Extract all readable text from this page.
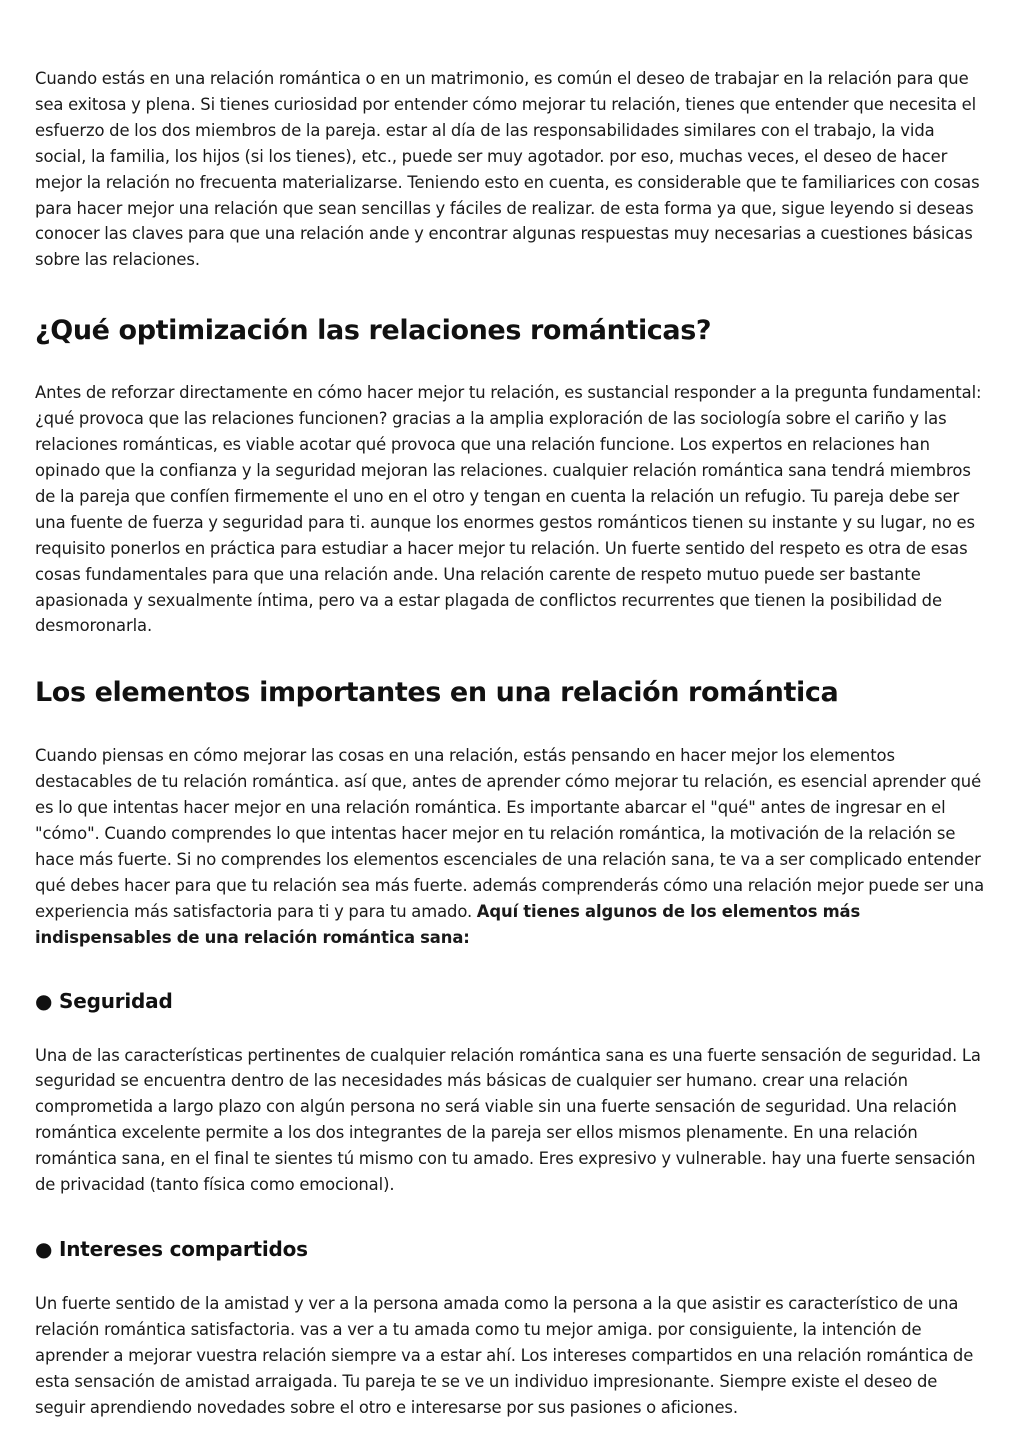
Cuando estás en una relación romántica o en un matrimonio, es común el deseo de trabajar en la relación para que sea exitosa y plena. Si tienes curiosidad por entender cómo mejorar tu relación, tienes que entender que necesita el esfuerzo de los dos miembros de la pareja. estar al día de las responsabilidades similares con el trabajo, la vida social, la familia, los hijos (si los tienes), etc., puede ser muy agotador. por eso, muchas veces, el deseo de hacer mejor la relación no frecuenta materializarse. Teniendo esto en cuenta, es considerable que te familiarices con cosas para hacer mejor una relación que sean sencillas y fáciles de realizar. de esta forma ya que, sigue leyendo si deseas conocer las claves para que una relación ande y encontrar algunas respuestas muy necesarias a cuestiones básicas sobre las relaciones.

¿Qué optimización las relaciones románticas?

Antes de reforzar directamente en cómo hacer mejor tu relación, es sustancial responder a la pregunta fundamental: ¿qué provoca que las relaciones funcionen? gracias a la amplia exploración de las sociología sobre el cariño y las relaciones románticas, es viable acotar qué provoca que una relación funcione. Los expertos en relaciones han opinado que la confianza y la seguridad mejoran las relaciones. cualquier relación romántica sana tendrá miembros de la pareja que confíen firmemente el uno en el otro y tengan en cuenta la relación un refugio. Tu pareja debe ser una fuente de fuerza y seguridad para ti. aunque los enormes gestos románticos tienen su instante y su lugar, no es requisito ponerlos en práctica para estudiar a hacer mejor tu relación. Un fuerte sentido del respeto es otra de esas cosas fundamentales para que una relación ande. Una relación carente de respeto mutuo puede ser bastante apasionada y sexualmente íntima, pero va a estar plagada de conflictos recurrentes que tienen la posibilidad de desmoronarla.

Los elementos importantes en una relación romántica

Cuando piensas en cómo mejorar las cosas en una relación, estás pensando en hacer mejor los elementos destacables de tu relación romántica. así que, antes de aprender cómo mejorar tu relación, es esencial aprender qué es lo que intentas hacer mejor en una relación romántica. Es importante abarcar el "qué" antes de ingresar en el "cómo". Cuando comprendes lo que intentas hacer mejor en tu relación romántica, la motivación de la relación se hace más fuerte. Si no comprendes los elementos escenciales de una relación sana, te va a ser complicado entender qué debes hacer para que tu relación sea más fuerte. además comprenderás cómo una relación mejor puede ser una experiencia más satisfactoria para ti y para tu amado. Aquí tienes algunos de los elementos más indispensables de una relación romántica sana:

● Seguridad

Una de las características pertinentes de cualquier relación romántica sana es una fuerte sensación de seguridad. La seguridad se encuentra dentro de las necesidades más básicas de cualquier ser humano. crear una relación comprometida a largo plazo con algún persona no será viable sin una fuerte sensación de seguridad. Una relación romántica excelente permite a los dos integrantes de la pareja ser ellos mismos plenamente. En una relación romántica sana, en el final te sientes tú mismo con tu amado. Eres expresivo y vulnerable. hay una fuerte sensación de privacidad (tanto física como emocional).

● Intereses compartidos

Un fuerte sentido de la amistad y ver a la persona amada como la persona a la que asistir es característico de una relación romántica satisfactoria. vas a ver a tu amada como tu mejor amiga. por consiguiente, la intención de aprender a mejorar vuestra relación siempre va a estar ahí. Los intereses compartidos en una relación romántica de esta sensación de amistad arraigada. Tu pareja te se ve un individuo impresionante. Siempre existe el deseo de seguir aprendiendo novedades sobre el otro e interesarse por sus pasiones o aficiones.
